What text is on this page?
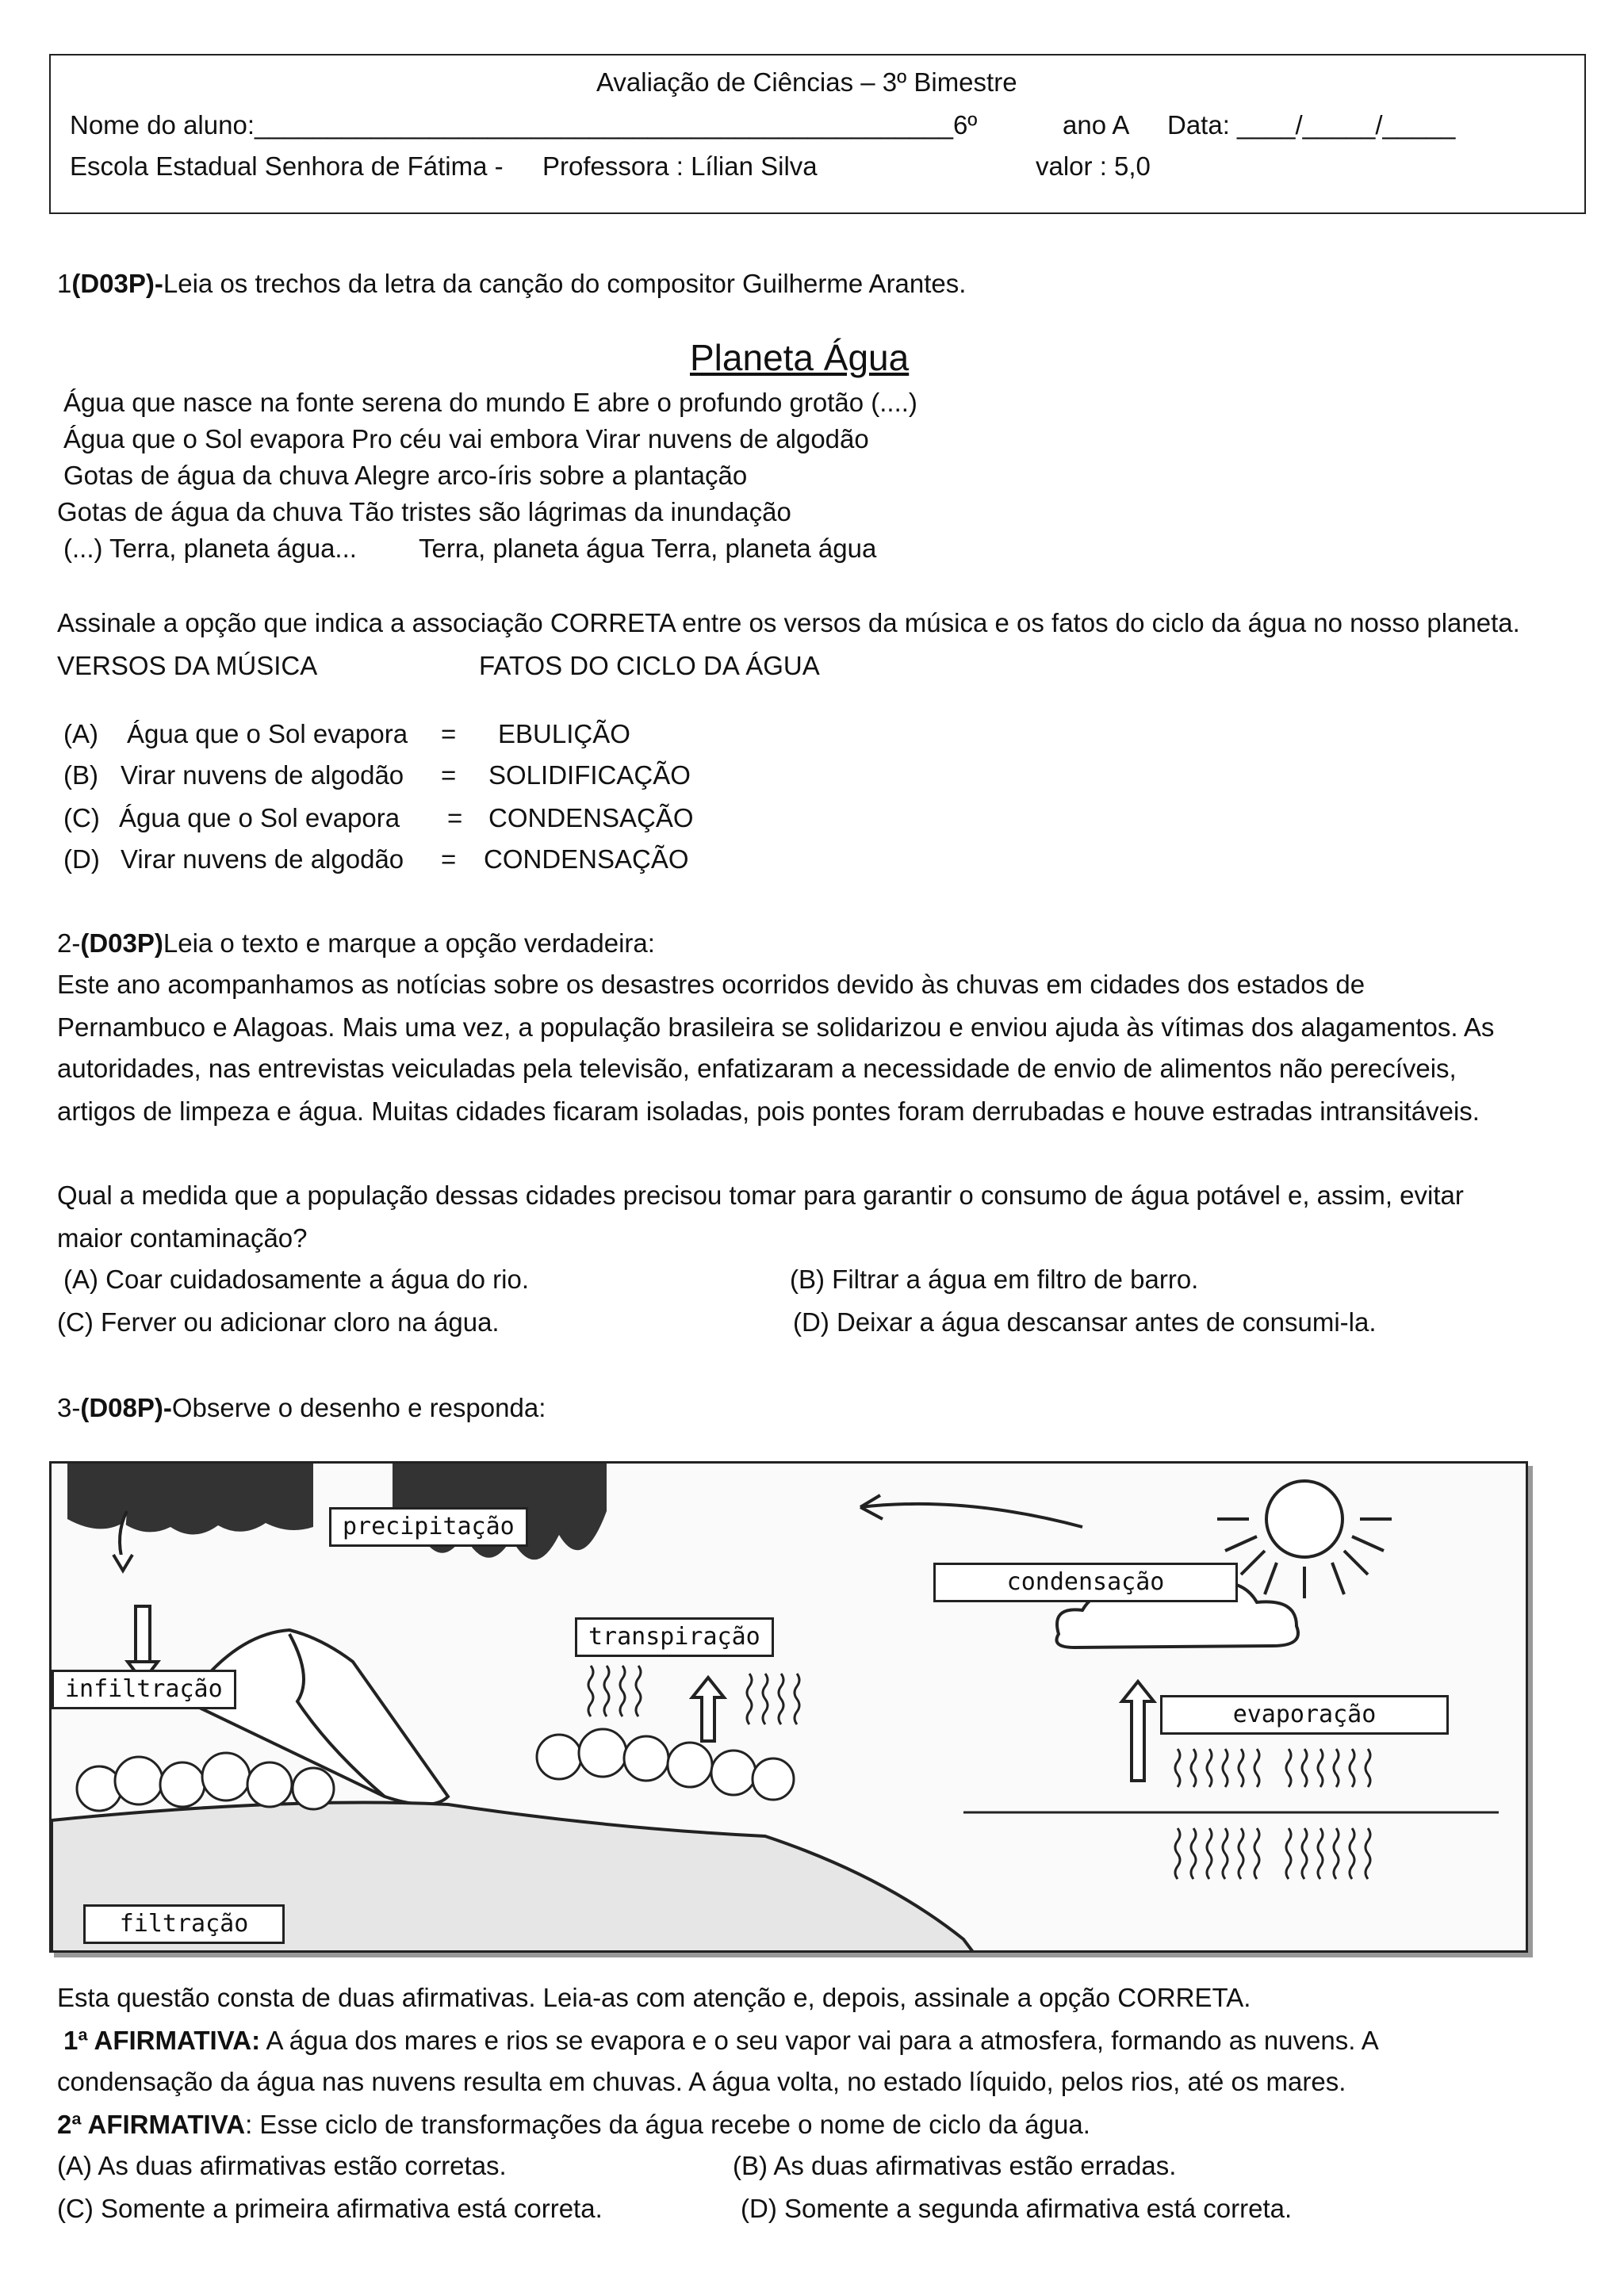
Avaliação de Ciências – 3º Bimestre
Nome do aluno:________________________________________________6º	ano A Data: ____/_____/_____
Escola Estadual Senhora de Fátima - Professora : Lílian Silva	valor : 5,0
1(D03P)-Leia os trechos da letra da canção do compositor Guilherme Arantes.
Planeta Água
Água que nasce na fonte serena do mundo E abre o profundo grotão (....)
Água que o Sol evapora Pro céu vai embora Virar nuvens de algodão
Gotas de água da chuva Alegre arco-íris sobre a plantação
Gotas de água da chuva Tão tristes são lágrimas da inundação
(...) Terra, planeta água... Terra, planeta água Terra, planeta água
Assinale a opção que indica a associação CORRETA entre os versos da música e os fatos do ciclo da água no nosso planeta.
VERSOS DA MÚSICA	FATOS DO CICLO DA ÁGUA
(A) Água que o Sol evapora = EBULIÇÃO
(B) Virar nuvens de algodão = SOLIDIFICAÇÃO
(C) Água que o Sol evapora = CONDENSAÇÃO
(D) Virar nuvens de algodão = CONDENSAÇÃO
2-(D03P)Leia o texto e marque a opção verdadeira:
Este ano acompanhamos as notícias sobre os desastres ocorridos devido às chuvas em cidades dos estados de
Pernambuco e Alagoas. Mais uma vez, a população brasileira se solidarizou e enviou ajuda às vítimas dos alagamentos. As
autoridades, nas entrevistas veiculadas pela televisão, enfatizaram a necessidade de envio de alimentos não perecíveis,
artigos de limpeza e água. Muitas cidades ficaram isoladas, pois pontes foram derrubadas e houve estradas intransitáveis.
Qual a medida que a população dessas cidades precisou tomar para garantir o consumo de água potável e, assim, evitar
maior contaminação?
(A) Coar cuidadosamente a água do rio.	(B) Filtrar a água em filtro de barro.
(C) Ferver ou adicionar cloro na água.	(D) Deixar a água descansar antes de consumi-la.
3-(D08P)-Observe o desenho e responda:
precipitação
condensação
transpiração
infiltração
evaporação
filtração
Esta questão consta de duas afirmativas. Leia-as com atenção e, depois, assinale a opção CORRETA.
1ª AFIRMATIVA: A água dos mares e rios se evapora e o seu vapor vai para a atmosfera, formando as nuvens. A
condensação da água nas nuvens resulta em chuvas. A água volta, no estado líquido, pelos rios, até os mares.
2ª AFIRMATIVA: Esse ciclo de transformações da água recebe o nome de ciclo da água.
(A) As duas afirmativas estão corretas.	(B) As duas afirmativas estão erradas.
(C) Somente a primeira afirmativa está correta.	(D) Somente a segunda afirmativa está correta.
